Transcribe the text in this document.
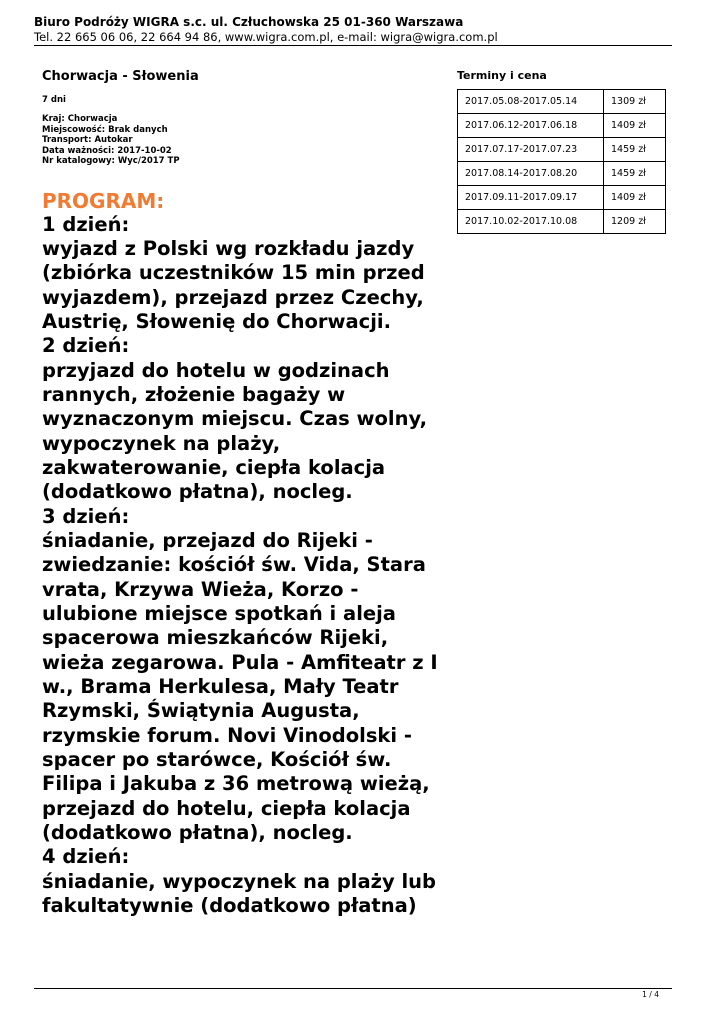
Biuro Podróży WIGRA s.c. ul. Człuchowska 25 01-360 Warszawa
Tel. 22 665 06 06, 22 664 94 86, www.wigra.com.pl, e-mail: wigra@wigra.com.pl
Chorwacja - Słowenia
7 dni
Kraj: Chorwacja
Miejscowość: Brak danych
Transport: Autokar
Data ważności: 2017-10-02
Nr katalogowy: Wyc/2017 TP
PROGRAM:
1 dzień:
wyjazd z Polski wg rozkładu jazdy
(zbiórka uczestników 15 min przed
wyjazdem), przejazd przez Czechy,
Austrię, Słowenię do Chorwacji.
2 dzień:
przyjazd do hotelu w godzinach
rannych, złożenie bagaży w
wyznaczonym miejscu. Czas wolny,
wypoczynek na plaży,
zakwaterowanie, ciepła kolacja
(dodatkowo płatna), nocleg.
3 dzień:
śniadanie, przejazd do Rijeki -
zwiedzanie: kościół św. Vida, Stara
vrata, Krzywa Wieża, Korzo -
ulubione miejsce spotkań i aleja
spacerowa mieszkańców Rijeki,
wieża zegarowa. Pula - Amfiteatr z I
w., Brama Herkulesa, Mały Teatr
Rzymski, Świątynia Augusta,
rzymskie forum. Novi Vinodolski -
spacer po starówce, Kościół św.
Filipa i Jakuba z 36 metrową wieżą,
przejazd do hotelu, ciepła kolacja
(dodatkowo płatna), nocleg.
4 dzień:
śniadanie, wypoczynek na plaży lub
fakultatywnie (dodatkowo płatna)
Terminy i cena
2017.05.08-2017.05.14	1309 zł
2017.06.12-2017.06.18	1409 zł
2017.07.17-2017.07.23	1459 zł
2017.08.14-2017.08.20	1459 zł
2017.09.11-2017.09.17	1409 zł
2017.10.02-2017.10.08	1209 zł
1 / 4
